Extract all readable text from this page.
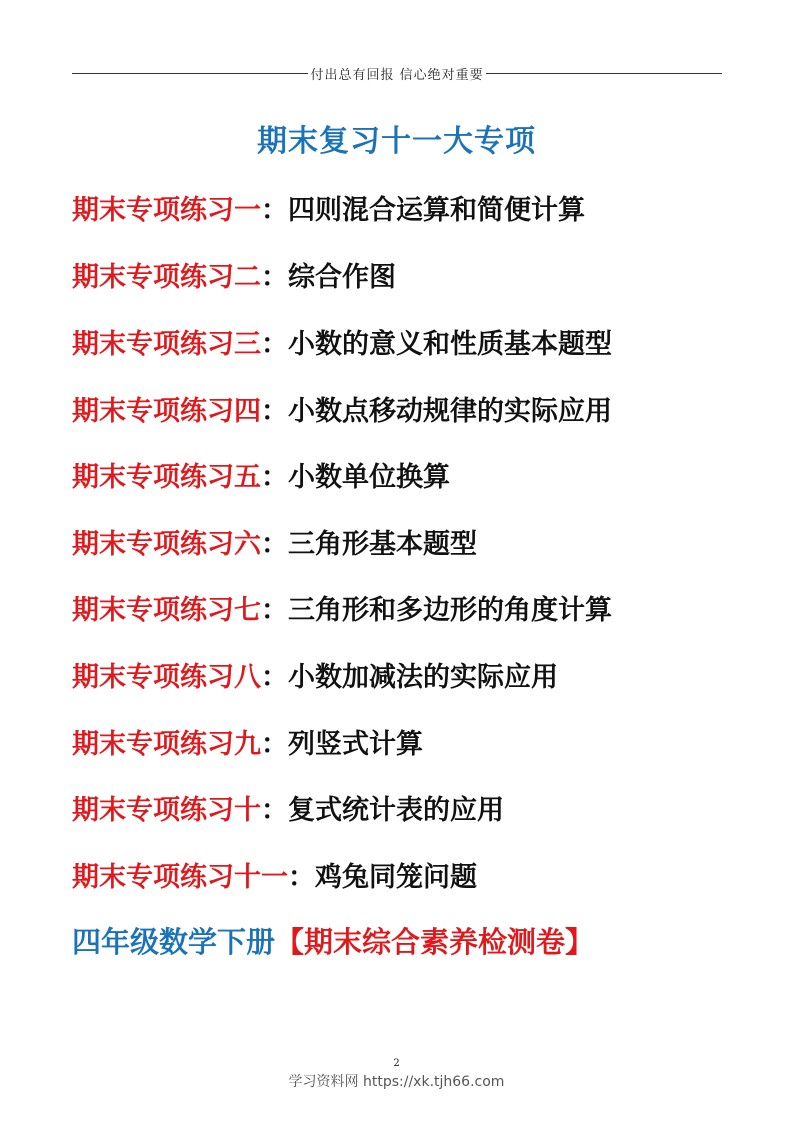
付出总有回报 信心绝对重要
期末复习十一大专项
期末专项练习一：四则混合运算和简便计算
期末专项练习二：综合作图
期末专项练习三：小数的意义和性质基本题型
期末专项练习四：小数点移动规律的实际应用
期末专项练习五：小数单位换算
期末专项练习六：三角形基本题型
期末专项练习七：三角形和多边形的角度计算
期末专项练习八：小数加减法的实际应用
期末专项练习九：列竖式计算
期末专项练习十：复式统计表的应用
期末专项练习十一：鸡兔同笼问题
四年级数学下册【期末综合素养检测卷】
2
学习资料网 https://xk.tjh66.com
